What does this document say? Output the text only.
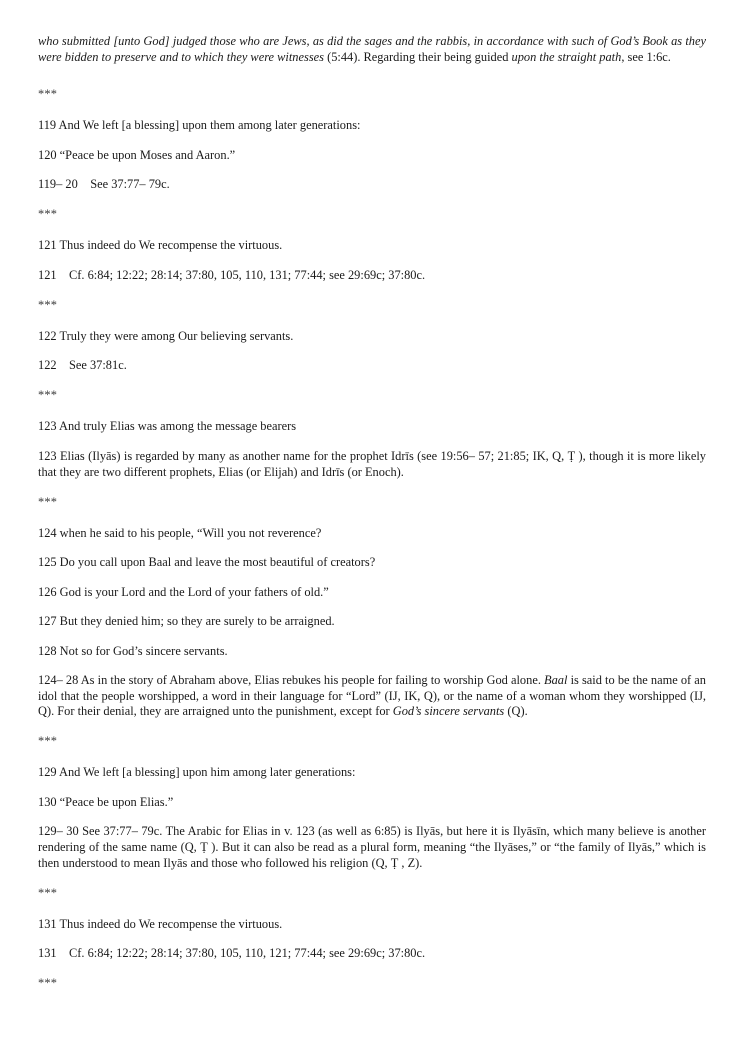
who submitted [unto God] judged those who are Jews, as did the sages and the rabbis, in accordance with such of God’s Book as they were bidden to preserve and to which they were witnesses (5:44). Regarding their being guided upon the straight path, see 1:6c.

***

119 And We left [a blessing] upon them among later generations:

120 “Peace be upon Moses and Aaron.”

119– 20    See 37:77– 79c.

***

121 Thus indeed do We recompense the virtuous.

121    Cf. 6:84; 12:22; 28:14; 37:80, 105, 110, 131; 77:44; see 29:69c; 37:80c.

***

122 Truly they were among Our believing servants.

122    See 37:81c.

***

123 And truly Elias was among the message bearers

123 Elias (Ilyās) is regarded by many as another name for the prophet Idrīs (see 19:56– 57; 21:85; IK, Q, Ṭ ), though it is more likely that they are two different prophets, Elias (or Elijah) and Idrīs (or Enoch).

***

124 when he said to his people, “Will you not reverence?

125 Do you call upon Baal and leave the most beautiful of creators?

126 God is your Lord and the Lord of your fathers of old.”

127 But they denied him; so they are surely to be arraigned.

128 Not so for God’s sincere servants.

124– 28 As in the story of Abraham above, Elias rebukes his people for failing to worship God alone. Baal is said to be the name of an idol that the people worshipped, a word in their language for “Lord” (IJ, IK, Q), or the name of a woman whom they worshipped (IJ, Q). For their denial, they are arraigned unto the punishment, except for God’s sincere servants (Q).

***

129 And We left [a blessing] upon him among later generations:

130 “Peace be upon Elias.”

129– 30 See 37:77– 79c. The Arabic for Elias in v. 123 (as well as 6:85) is Ilyās, but here it is Ilyāsīn, which many believe is another rendering of the same name (Q, Ṭ ). But it can also be read as a plural form, meaning “the Ilyāses,” or “the family of Ilyās,” which is then understood to mean Ilyās and those who followed his religion (Q, Ṭ , Z).

***

131 Thus indeed do We recompense the virtuous.

131    Cf. 6:84; 12:22; 28:14; 37:80, 105, 110, 121; 77:44; see 29:69c; 37:80c.

***
